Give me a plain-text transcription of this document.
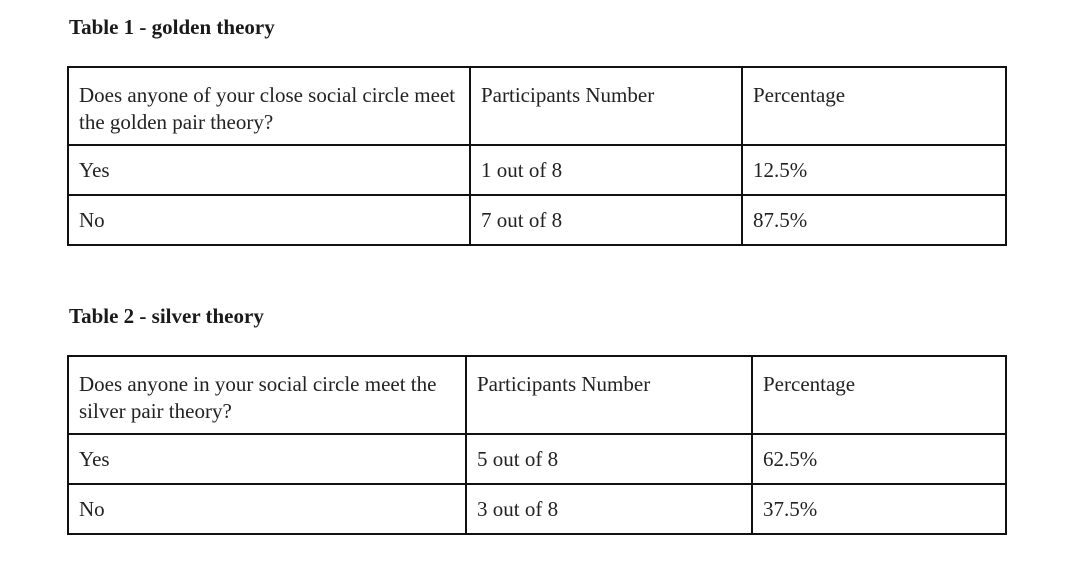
Table 1 - golden theory
Does anyone of your close social circle meet the golden pair theory?	Participants Number	Percentage
Yes	1 out of 8	12.5%
No	7 out of 8	87.5%
Table 2 - silver theory
Does anyone in your social circle meet the silver pair theory?	Participants Number	Percentage
Yes	5 out of 8	62.5%
No	3 out of 8	37.5%
